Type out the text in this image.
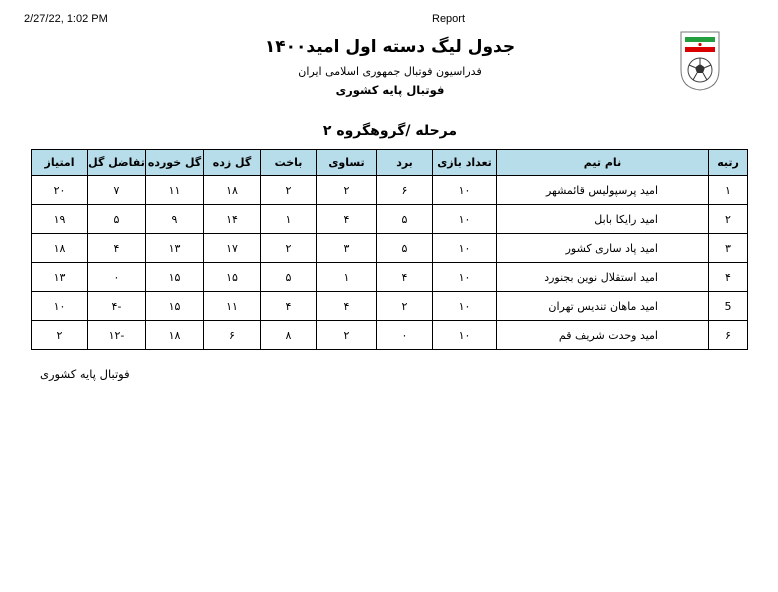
2/27/22, 1:02 PM	Report
جدول لیگ دسته اول امید۱۴۰۰
فدراسیون فوتبال جمهوری اسلامی ایران
فوتبال پایه کشوری
مرحله /گروهگروه ۲
رتبه	نام تیم	تعداد بازی	برد	تساوی	باخت	گل زده	گل خورده	تفاضل گل	امتیاز
۱	امید پرسپولیس قائمشهر	۱۰	۶	۲	۲	۱۸	۱۱	۷	۲۰
۲	امید رایکا بابل	۱۰	۵	۴	۱	۱۴	۹	۵	۱۹
۳	امید پاد ساری کشور	۱۰	۵	۳	۲	۱۷	۱۳	۴	۱۸
۴	امید استقلال نوین بجنورد	۱۰	۴	۱	۵	۱۵	۱۵	۰	۱۳
5	امید ماهان تندیس تهران	۱۰	۲	۴	۴	۱۱	۱۵	-۴	۱۰
۶	امید وحدت شریف قم	۱۰	۰	۲	۸	۶	۱۸	-۱۲	۲
فوتبال پایه کشوری
